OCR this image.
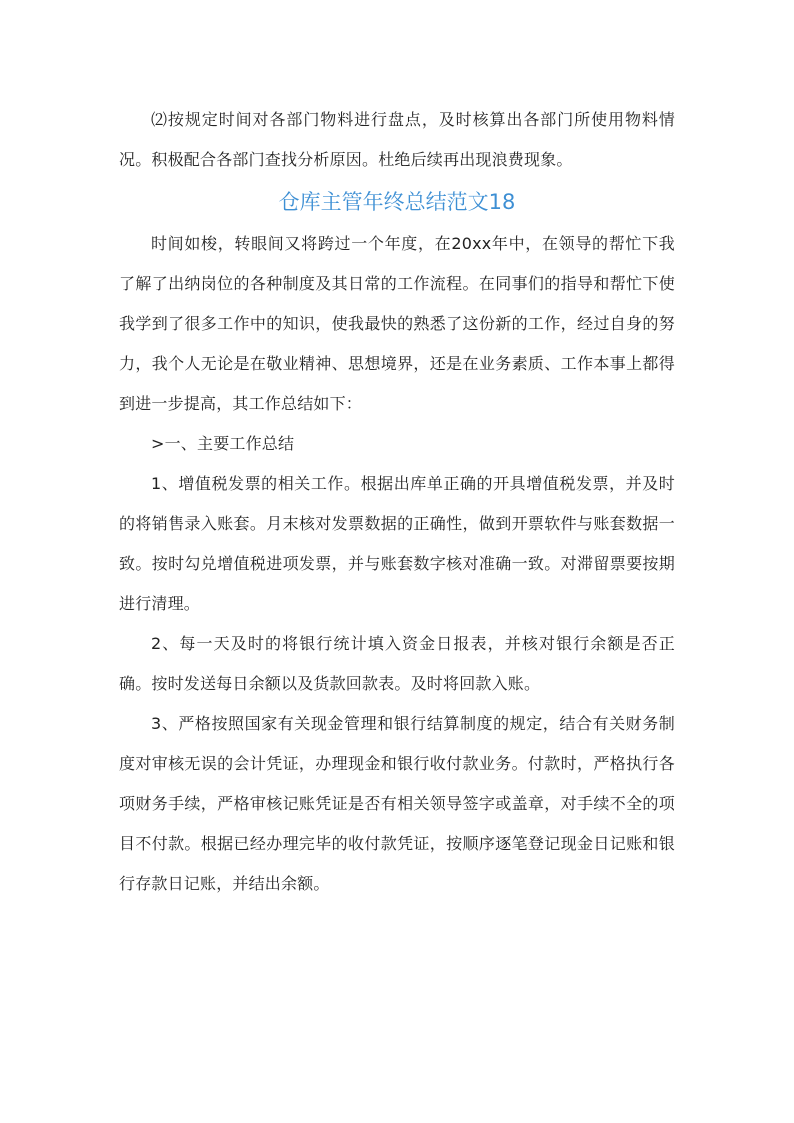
⑵按规定时间对各部门物料进行盘点，及时核算出各部门所使用物料情况。积极配合各部门查找分析原因。杜绝后续再出现浪费现象。

仓库主管年终总结范文18

时间如梭，转眼间又将跨过一个年度，在20xx年中，在领导的帮忙下我了解了出纳岗位的各种制度及其日常的工作流程。在同事们的指导和帮忙下使我学到了很多工作中的知识，使我最快的熟悉了这份新的工作，经过自身的努力，我个人无论是在敬业精神、思想境界，还是在业务素质、工作本事上都得到进一步提高，其工作总结如下：

>一、主要工作总结

1、增值税发票的相关工作。根据出库单正确的开具增值税发票，并及时的将销售录入账套。月末核对发票数据的正确性，做到开票软件与账套数据一致。按时勾兑增值税进项发票，并与账套数字核对准确一致。对滞留票要按期进行清理。

2、每一天及时的将银行统计填入资金日报表，并核对银行余额是否正确。按时发送每日余额以及货款回款表。及时将回款入账。

3、严格按照国家有关现金管理和银行结算制度的规定，结合有关财务制度对审核无误的会计凭证，办理现金和银行收付款业务。付款时，严格执行各项财务手续，严格审核记账凭证是否有相关领导签字或盖章，对手续不全的项目不付款。根据已经办理完毕的收付款凭证，按顺序逐笔登记现金日记账和银行存款日记账，并结出余额。
